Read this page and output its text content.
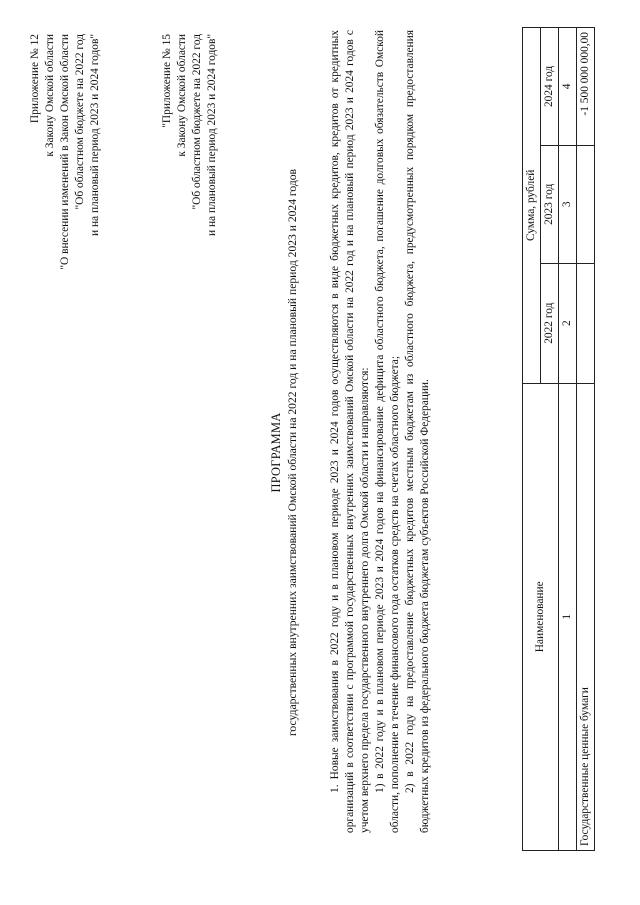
Приложение № 12 к Закону Омской области "О внесении изменений в Закон Омской области "Об областном бюджете на 2022 год и на плановый период 2023 и 2024 годов"	"Приложение № 15 к Закону Омской области "Об областном бюджете на 2022 год и на плановый период 2023 и 2024 годов"
ПРОГРАММА государственных внутренних заимствований Омской области на 2022 год и на плановый период 2023 и 2024 годов	1. Новые заимствования в 2022 году и в плановом периоде 2023 и 2024 годов осуществляются в виде бюджетных кредитов, кредитов от кредитных организаций в соответствии с программой государственных внутренних заимствований Омской области на 2022 год и на плановый период 2023 и 2024 годов с учетом верхнего предела государственного внутреннего долга Омской области и направляются: 1) в 2022 году и в плановом периоде 2023 и 2024 годов на финансирование дефицита областного бюджета, погашение долговых обязательств Омской области, пополнение в течение финансового года остатков средств на счетах областного бюджета; 2) в 2022 году на предоставление бюджетных кредитов местным бюджетам из областного бюджета, предусмотренных порядком предоставления бюджетных кредитов из федерального бюджета бюджетам субъектов Российской Федерации.	Наименование	Сумма, рублей		
	2022 год	2023 год	2024 год
1	2	3	4
Государственные ценные бумаги			-1 500 000 000,00
